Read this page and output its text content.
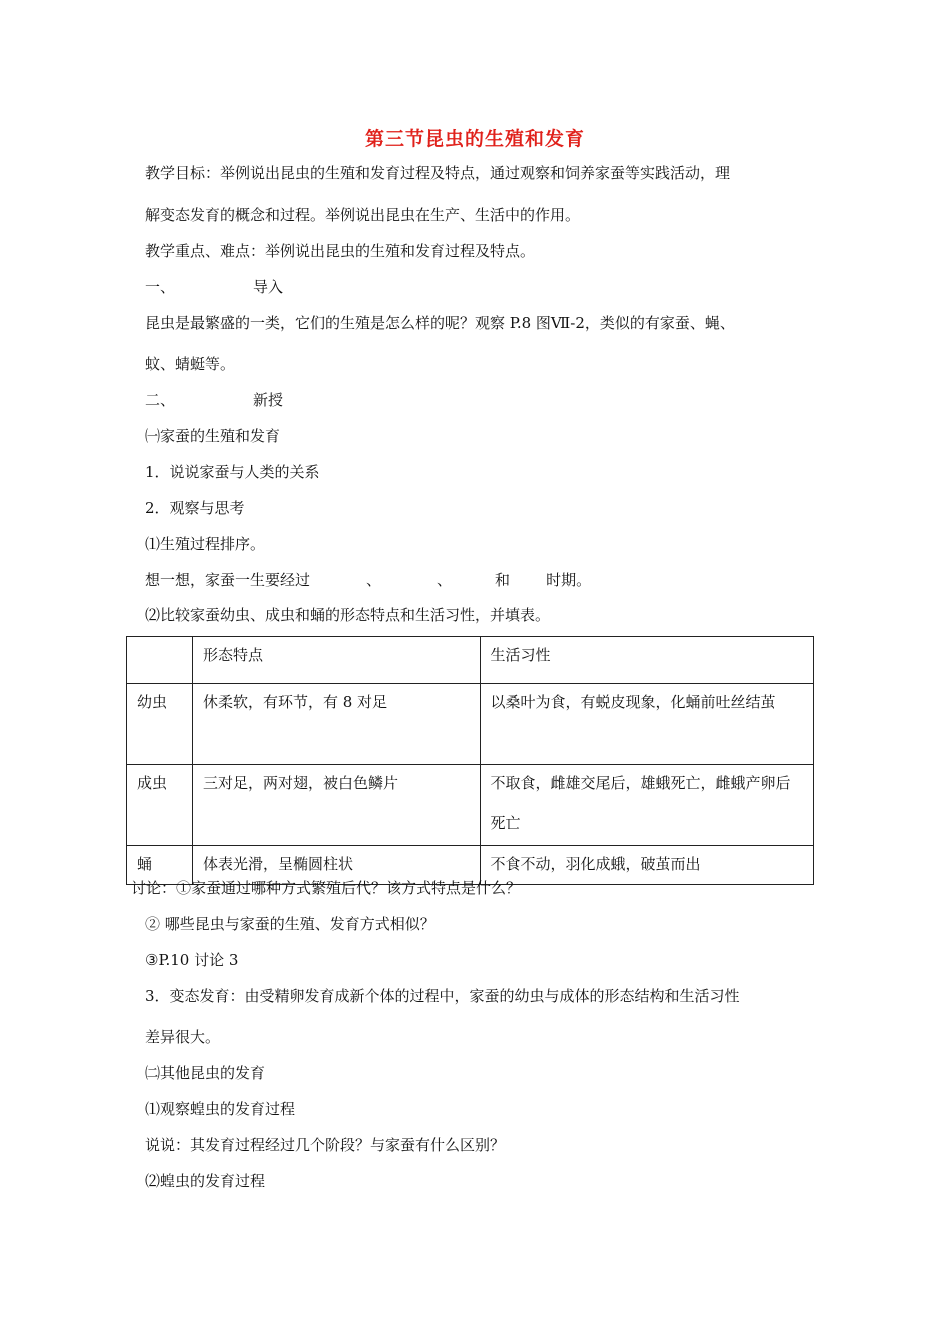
第三节昆虫的生殖和发育
教学目标：举例说出昆虫的生殖和发育过程及特点，通过观察和饲养家蚕等实践活动，理
解变态发育的概念和过程。举例说出昆虫在生产、生活中的作用。
教学重点、难点：举例说出昆虫的生殖和发育过程及特点。
一、	导入
昆虫是最繁盛的一类，它们的生殖是怎么样的呢？观察 P.8 图Ⅶ-2，类似的有家蚕、蝇、
蚊、蜻蜓等。
二、	新授
㈠家蚕的生殖和发育
1．说说家蚕与人类的关系
2．观察与思考
⑴生殖过程排序。
想一想，家蚕一生要经过	、	、	和 时期。
⑵比较家蚕幼虫、成虫和蛹的形态特点和生活习性，并填表。
	形态特点	生活习性
幼虫	休柔软，有环节，有 8 对足	以桑叶为食，有蜕皮现象，化蛹前吐丝结茧

成虫	三对足，两对翅，被白色鳞片	不取食，雌雄交尾后，雄蛾死亡，雌蛾产卵后死亡

蛹	体表光滑，呈椭圆柱状	不食不动，羽化成蛾，破茧而出
讨论：①家蚕通过哪种方式繁殖后代？该方式特点是什么？
② 哪些昆虫与家蚕的生殖、发育方式相似？
③P.10 讨论 3
3．变态发育：由受精卵发育成新个体的过程中，家蚕的幼虫与成体的形态结构和生活习性
差异很大。
㈡其他昆虫的发育
⑴观察蝗虫的发育过程
说说：其发育过程经过几个阶段？与家蚕有什么区别？
⑵蝗虫的发育过程
